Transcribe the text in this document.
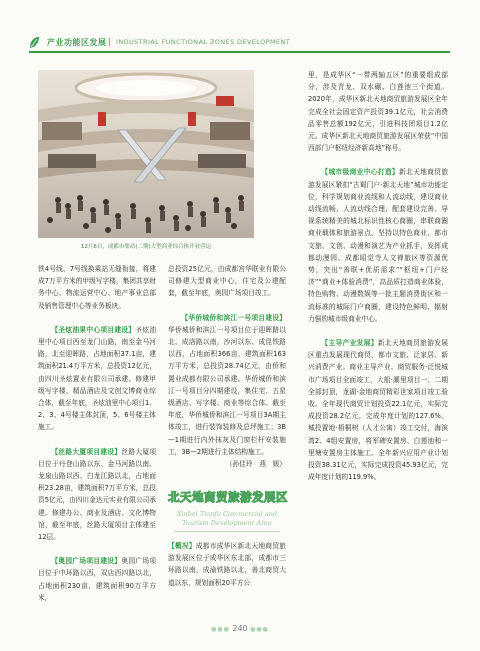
产业功能区发展 | INDUSTRIAL FUNCTIONAL ZONES DEVELOPMENT
12月6日，成都市集站(二期)大型商业综合体开业营运

铁4号线、7号线换乘站无缝衔接，将建成7万平方米的甲级写字楼，集团共享财务中心、物流运营中心、地产事业总部及销售管理中心等业务板块。

【圣炫油果中心项目建设】圣炫油里中心项目西至龙门山路，南至金马河路，北至迎晖路，占地面积37.1亩，建筑面积21.4万平方米，总投资12亿元，由四川圣炫置业有限公司承建。修建甲级写字楼、精品酒店及文创文博商业综合体，截至年底，圣炫油里中心项目1、2、3、4号楼主体封顶，5、6号楼主体施工。

【丝路大厦项目建设】丝路大厦项目位于丹登山路以东、金马河路以南、龙泉山路以西、白龙江路以北，占地面积23.28亩，建筑面积7万平方米，总投资5亿元，由四川金达元实业有限公司承建。修建办公、商业及酒店、文化博物馆，截至年底，丝路大厦项目主体建至12层。

【奥园广场项目建设】奥园广场项目位于中环路以西，双店西四路以北，占地面积230亩，建筑面积90万平方米，

总投资25亿元，由成都宫华联业有限公司修建大型商业中心，住宅及公建配套，截至年底，奥园广场项目竣工。

【华侨城侨和滨江一号项目建设】华侨城侨和滨江一号项目位于迎晖路以北、成洛路以南，沙河以东、成昆铁路以西，占地面积366亩，建筑面积163万平方米，总投资28.74亿元，由侨和置业成都有限公司承建。华侨城侨和滨江一号项目分四期建设，集住宅、五星级酒店、写字楼、商业等综合体。截至年底，华侨城侨和滨江一号项目3A期主体竣工，进行装饰装修及总坪施工；3B—1期进行内外抹灰及门窗栏杆安装施工，3B—2期进行主体结构施工。

（孙佳玲　燕　媛）

北天地商贸旅游发展区
Xinbei Tianfu Commercial and
Tourism Development Area

【概况】成都市成华区新北天地商贸旅游发展区位于成华区东北部，成都市三环路以南，成渝铁路以北，善北商贸大道以东，规划面积20平方公

里，是成华区“一带两轴五区”的重要组成部分，涉及青龙、双水碾、白莲池三个街道。2020年，成华区新北天地商贸旅游发展区全年完成全社会固定资产投资39.1亿元，社会消费品零售总额192亿元，引进科技团项目1.2亿元。成华区新北天地商贸旅游发展区荣获“中国西部门户枢纽经济新高地”称号。

【城市级商业中心打造】新北天地商贸旅游发展区紧扣“古蜀门户·新北天地”城市功能定位，科学规划商业流线和人流动线，建设商业动线流畅、人流动线合理、配套建设完善、导视系统精美的城北标识性核心商圈，串联商圈商业载体和旅游景点。坚持以特色商业、都市文旅、文创、动漫和演艺为产业抓手，发挥成都动漫园、成都昭觉寺人文禅旅区等资源优势，突出“善联+优质需求”“枢纽+门户经济”“商业+体验消费”，高品质打造商业体验，特色购物、动漫数娱等一批主题消费街区和一流标准的城际门户商圈，建设特色鲜明、辐射力强的城市级商业中心。

【主导产业发展】新北天地商贸旅游发展区重点发展现代商贸，都市文旅、泛家居、新兴消费产业。商业主导产业、商贸服务·泛悦城市广场项目全面竣工，大船·潮里项目一、二期全部封顶，龙湖·金地商贸精彩世家项目竣工验收。全年现代商贸计划投资22.1亿元，实际完成投资28.2亿元，完成年度计划的127.6%。城投置地·梧桐树（人才公寓）竣工交付，海滨湾2、4组安置房，将军碑安置房、白莲池和一里塘安置房主体施工。全年新兴应用产业计划投资38.31亿元，实际完成投资45.93亿元，完成年度计划的119.9%。

●●● 240 ●●●
